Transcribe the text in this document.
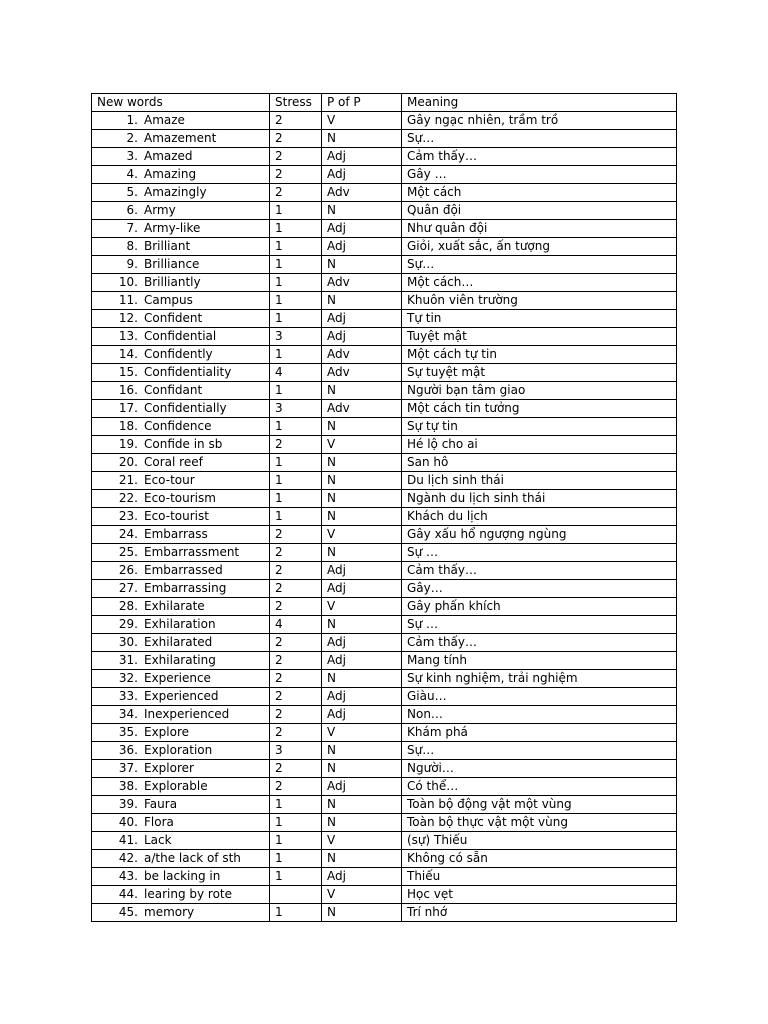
New words	Stress	P of P	Meaning
1. Amaze	2	V	Gây ngạc nhiên, trầm trồ
2. Amazement	2	N	Sự…
3. Amazed	2	Adj	Cảm thấy…
4. Amazing	2	Adj	Gây …
5. Amazingly	2	Adv	Một cách
6. Army	1	N	Quân đội
7. Army-like	1	Adj	Như quân đội
8. Brilliant	1	Adj	Giỏi, xuất sắc, ấn tượng
9. Brilliance	1	N	Sự…
10. Brilliantly	1	Adv	Một cách…
11. Campus	1	N	Khuôn viên trường
12. Confident	1	Adj	Tự tin
13. Confidential	3	Adj	Tuyệt mật
14. Confidently	1	Adv	Một cách tự tin
15. Confidentiality	4	Adv	Sự tuyệt mật
16. Confidant	1	N	Người bạn tâm giao
17. Confidentially	3	Adv	Một cách tin tưởng
18. Confidence	1	N	Sự tự tin
19. Confide in sb	2	V	Hé lộ cho ai
20. Coral reef	1	N	San hô
21. Eco-tour	1	N	Du lịch sinh thái
22. Eco-tourism	1	N	Ngành du lịch sinh thái
23. Eco-tourist	1	N	Khách du lịch
24. Embarrass	2	V	Gây xấu hổ ngượng ngùng
25. Embarrassment	2	N	Sự …
26. Embarrassed	2	Adj	Cảm thấy…
27. Embarrassing	2	Adj	Gây…
28. Exhilarate	2	V	Gây phấn khích
29. Exhilaration	4	N	Sự …
30. Exhilarated	2	Adj	Cảm thấy…
31. Exhilarating	2	Adj	Mang tính
32. Experience	2	N	Sự kinh nghiệm, trải nghiệm
33. Experienced	2	Adj	Giàu…
34. Inexperienced	2	Adj	Non…
35. Explore	2	V	Khám phá
36. Exploration	3	N	Sự…
37. Explorer	2	N	Người…
38. Explorable	2	Adj	Có thể…
39. Faura	1	N	Toàn bộ động vật một vùng
40. Flora	1	N	Toàn bộ thực vật một vùng
41. Lack	1	V	(sự) Thiếu
42. a/the lack of sth	1	N	Không có sẵn
43. be lacking in	1	Adj	Thiếu
44. learing by rote		V	Học vẹt
45. memory	1	N	Trí nhớ
